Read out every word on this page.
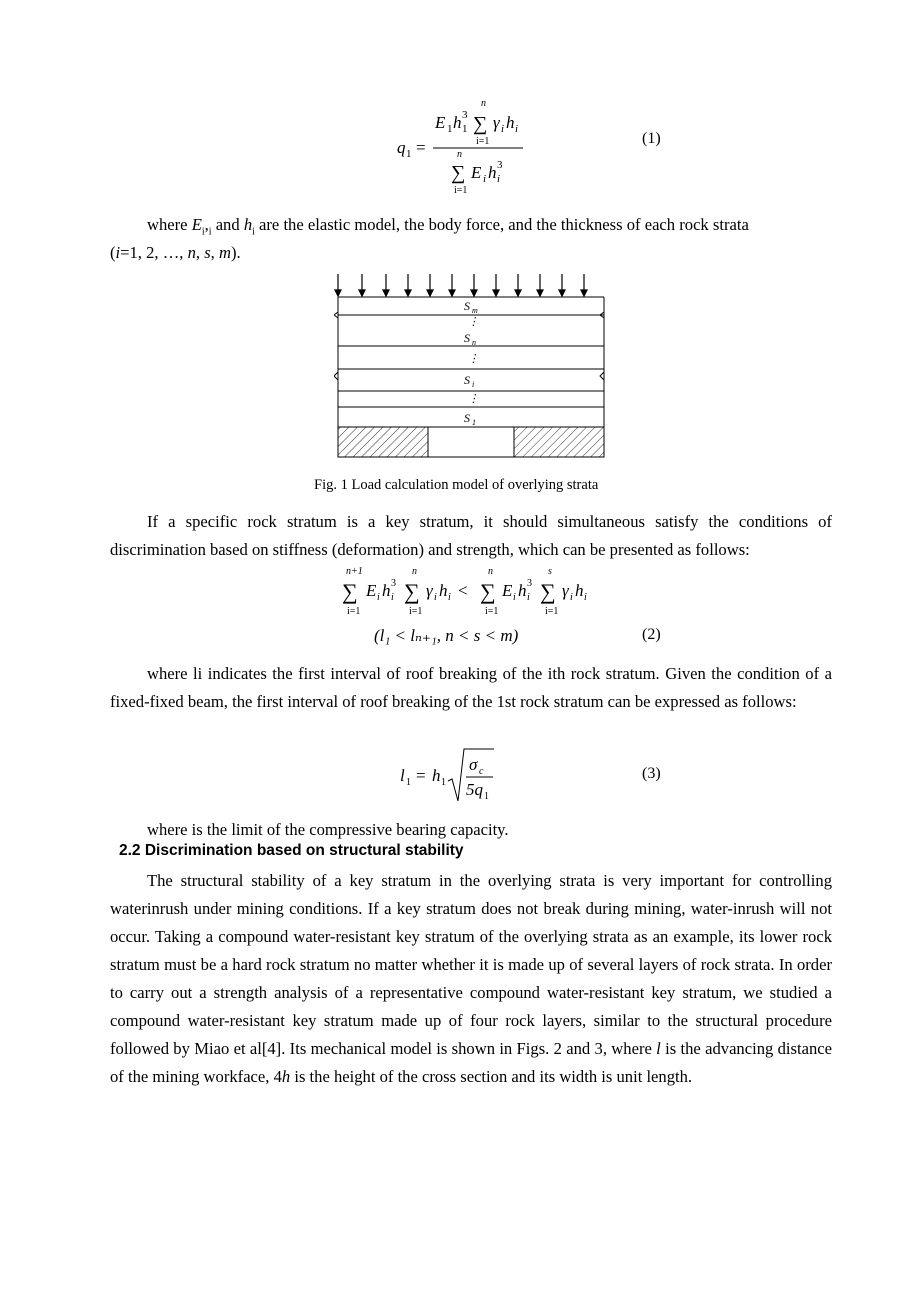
q 1 =
E 1 h 1
3
n
∑
i=1
γ i h i
n
∑
i=1
E i h i
3
(1)

where $E_i,_i$ and $h_i$ are the elastic model, the body force, and the thickness of each rock strata

(i=1, 2, …, n, s, m).

S m
⋮
S n
⋮
S i
⋮
S 1
Fig. 1 Load calculation model of overlying strata

If a specific rock stratum is a key stratum, it should simultaneous satisfy the conditions of discrimination based on stiffness (deformation) and strength, which can be presented as follows:

n+1
∑
i=1
E i h i
3
n
∑
i=1
γ i h i <
n
∑
i=1
E i h i
3
s
∑
i=1
γ i h i
(l₁ < lₙ₊₁, n < s < m)	(2)

where li indicates the first interval of roof breaking of the ith rock stratum. Given the condition of a fixed-fixed beam, the first interval of roof breaking of the 1st rock stratum can be expressed as follows:

l 1 = h 1
σ c
5q 1
(3)

where is the limit of the compressive bearing capacity.

2.2 Discrimination based on structural stability

The structural stability of a key stratum in the overlying strata is very important for controlling waterinrush under mining conditions. If a key stratum does not break during mining, water-inrush will not occur. Taking a compound water-resistant key stratum of the overlying strata as an example, its lower rock stratum must be a hard rock stratum no matter whether it is made up of several layers of rock strata. In order to carry out a strength analysis of a representative compound water-resistant key stratum, we studied a compound water-resistant key stratum made up of four rock layers, similar to the structural procedure followed by Miao et al[4]. Its mechanical model is shown in Figs. 2 and 3, where l is the advancing distance of the mining workface, 4h is the height of the cross section and its width is unit length.
